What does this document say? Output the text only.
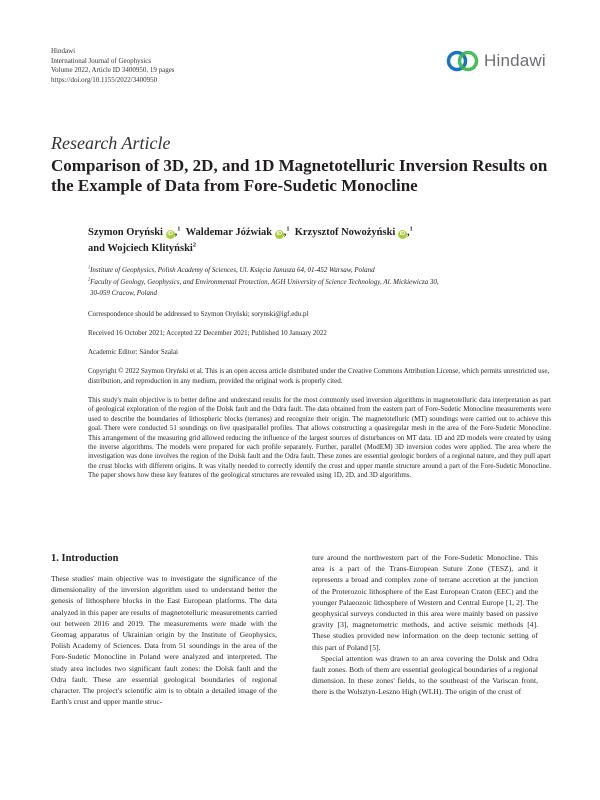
Hindawi
International Journal of Geophysics
Volume 2022, Article ID 3400950, 19 pages
https://doi.org/10.1155/2022/3400950
Hindawi
Research Article
Comparison of 3D, 2D, and 1D Magnetotelluric Inversion Results on the Example of Data from Fore-Sudetic Monocline
Szymon Oryński iD ,$^1$ Waldemar Jóźwiak iD ,$^1$ Krzysztof Nowożyński iD ,$^1$
and Wojciech Klityński$^2$
$^1$Institute of Geophysics, Polish Academy of Sciences, Ul. Księcia Janusza 64, 01-452 Warsaw, Poland
$^2$Faculty of Geology, Geophysics, and Environmental Protection, AGH University of Science Technology, Al. Mickiewicza 30,
30-059 Cracow, Poland
Correspondence should be addressed to Szymon Oryński; sorynski@igf.edu.pl
Received 16 October 2021; Accepted 22 December 2021; Published 10 January 2022
Academic Editor: Sándor Szalai
Copyright © 2022 Szymon Oryński et al. This is an open access article distributed under the Creative Commons Attribution License, which permits unrestricted use, distribution, and reproduction in any medium, provided the original work is properly cited.
This study's main objective is to better define and understand results for the most commonly used inversion algorithms in magnetotelluric data interpretation as part of geological exploration of the region of the Dolsk fault and the Odra fault. The data obtained from the eastern part of Fore-Sudetic Monocline measurements were used to describe the boundaries of lithospheric blocks (terranes) and recognize their origin. The magnetotelluric (MT) soundings were carried out to achieve this goal. There were conducted 51 soundings on five quasiparallel profiles. That allows constructing a quasiregular mesh in the area of the Fore-Sudetic Monocline. This arrangement of the measuring grid allowed reducing the influence of the largest sources of disturbances on MT data. 1D and 2D models were created by using the inverse algorithms. The models were prepared for each profile separately. Further, parallel (ModEM) 3D inversion codes were applied. The area where the investigation was done involves the region of the Dolsk fault and the Odra fault. These zones are essential geologic borders of a regional nature, and they pull apart the crust blocks with different origins. It was vitally needed to correctly identify the crust and upper mantle structure around a part of the Fore-Sudetic Monocline. The paper shows how these key features of the geological structures are revealed using 1D, 2D, and 3D algorithms.
1. Introduction

These studies' main objective was to investigate the significance of the dimensionality of the inversion algorithm used to understand better the genesis of lithosphere blocks in the East European platforms. The data analyzed in this paper are results of magnetotelluric measurements carried out between 2016 and 2019. The measurements were made with the Geomag apparatus of Ukrainian origin by the Institute of Geophysics, Polish Academy of Sciences. Data from 51 soundings in the area of the Fore-Sudetic Monocline in Poland were analyzed and interpreted. The study area includes two significant fault zones: the Dolsk fault and the Odra fault. These are essential geological boundaries of regional character. The project's scientific aim is to obtain a detailed image of the Earth's crust and upper mantle struc-

ture around the northwestern part of the Fore-Sudetic Monocline. This area is a part of the Trans-European Suture Zone (TESZ), and it represents a broad and complex zone of terrane accretion at the junction of the Proterozoic lithosphere of the East European Craton (EEC) and the younger Palaeozoic lithosphere of Western and Central Europe [1, 2]. The geophysical surveys conducted in this area were mainly based on passive gravity [3], magnetometric methods, and active seismic methods [4]. These studies provided new information on the deep tectonic setting of this part of Poland [5].

Special attention was drawn to an area covering the Dolsk and Odra fault zones. Both of them are essential geological boundaries of a regional dimension. In these zones' fields, to the southeast of the Variscan front, there is the Wolsztyn-Leszno High (WLH). The origin of the crust of
